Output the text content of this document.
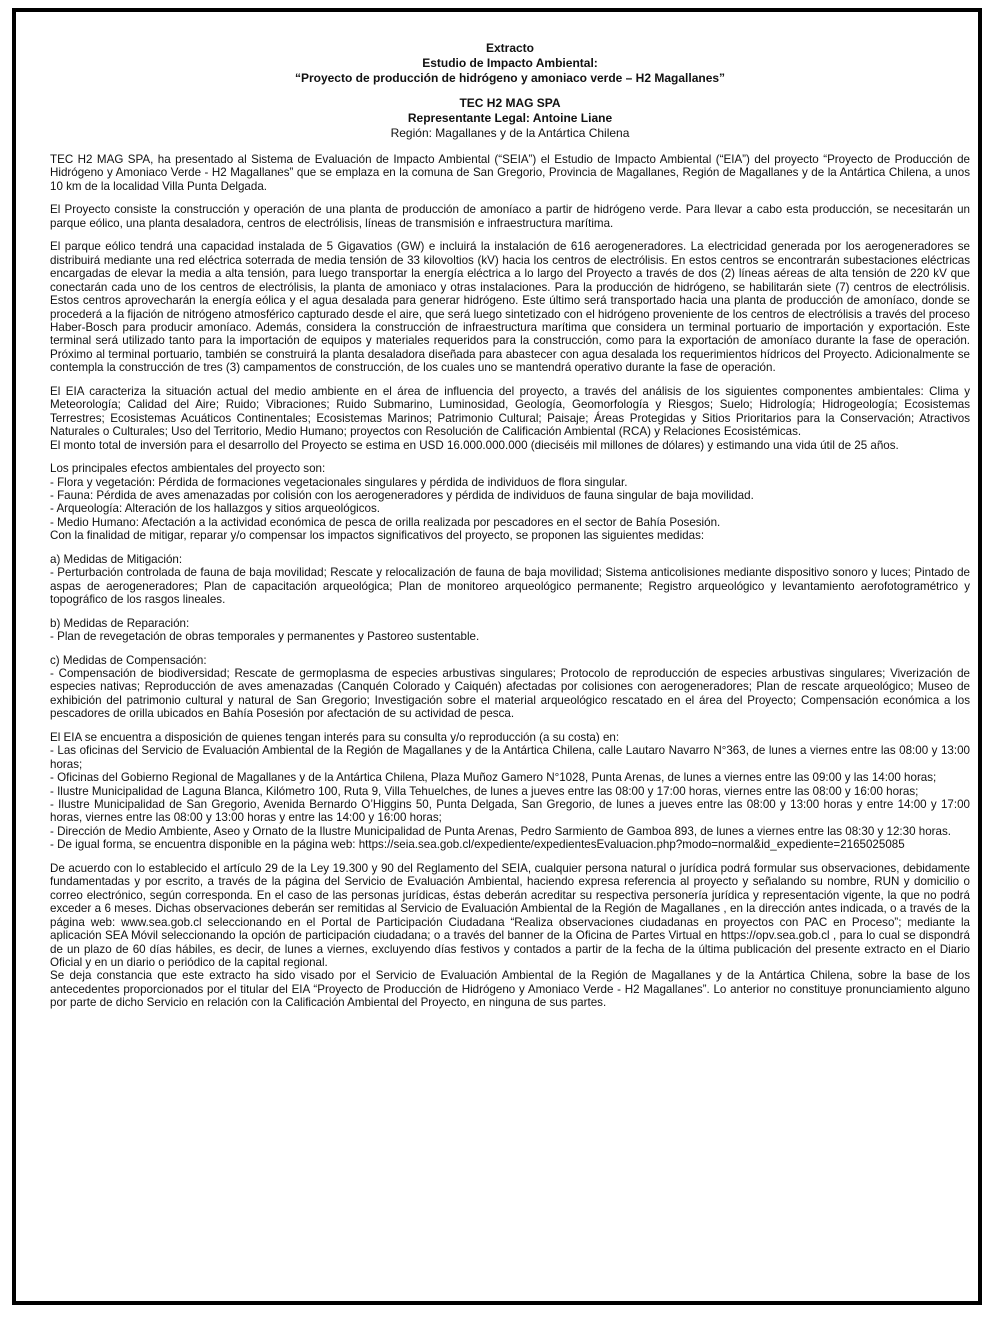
Extracto
Estudio de Impacto Ambiental:
“Proyecto de producción de hidrógeno y amoniaco verde – H2 Magallanes”
TEC H2 MAG SPA
Representante Legal: Antoine Liane
Región: Magallanes y de la Antártica Chilena

TEC H2 MAG SPA, ha presentado al Sistema de Evaluación de Impacto Ambiental (“SEIA”) el Estudio de Impacto Ambiental (“EIA”) del proyecto “Proyecto de Producción de Hidrógeno y Amoniaco Verde - H2 Magallanes” que se emplaza en la comuna de San Gregorio, Provincia de Magallanes, Región de Magallanes y de la Antártica Chilena, a unos 10 km de la localidad Villa Punta Delgada.

El Proyecto consiste la construcción y operación de una planta de producción de amoníaco a partir de hidrógeno verde. Para llevar a cabo esta producción, se necesitarán un parque eólico, una planta desaladora, centros de electrólisis, líneas de transmisión e infraestructura marítima.

El parque eólico tendrá una capacidad instalada de 5 Gigavatios (GW) e incluirá la instalación de 616 aerogeneradores. La electricidad generada por los aerogeneradores se distribuirá mediante una red eléctrica soterrada de media tensión de 33 kilovoltios (kV) hacia los centros de electrólisis. En estos centros se encontrarán subestaciones eléctricas encargadas de elevar la media a alta tensión, para luego transportar la energía eléctrica a lo largo del Proyecto a través de dos (2) líneas aéreas de alta tensión de 220 kV que conectarán cada uno de los centros de electrólisis, la planta de amoniaco y otras instalaciones. Para la producción de hidrógeno, se habilitarán siete (7) centros de electrólisis. Estos centros aprovecharán la energía eólica y el agua desalada para generar hidrógeno. Este último será transportado hacia una planta de producción de amoníaco, donde se procederá a la fijación de nitrógeno atmosférico capturado desde el aire, que será luego sintetizado con el hidrógeno proveniente de los centros de electrólisis a través del proceso Haber-Bosch para producir amoníaco. Además, considera la construcción de infraestructura marítima que considera un terminal portuario de importación y exportación. Este terminal será utilizado tanto para la importación de equipos y materiales requeridos para la construcción, como para la exportación de amoníaco durante la fase de operación. Próximo al terminal portuario, también se construirá la planta desaladora diseñada para abastecer con agua desalada los requerimientos hídricos del Proyecto. Adicionalmente se contempla la construcción de tres (3) campamentos de construcción, de los cuales uno se mantendrá operativo durante la fase de operación.

El EIA caracteriza la situación actual del medio ambiente en el área de influencia del proyecto, a través del análisis de los siguientes componentes ambientales: Clima y Meteorología; Calidad del Aire; Ruido; Vibraciones; Ruido Submarino, Luminosidad, Geología, Geomorfología y Riesgos; Suelo; Hidrología; Hidrogeología; Ecosistemas Terrestres; Ecosistemas Acuáticos Continentales; Ecosistemas Marinos; Patrimonio Cultural; Paisaje; Áreas Protegidas y Sitios Prioritarios para la Conservación; Atractivos Naturales o Culturales; Uso del Territorio, Medio Humano; proyectos con Resolución de Calificación Ambiental (RCA) y Relaciones Ecosistémicas.

El monto total de inversión para el desarrollo del Proyecto se estima en USD 16.000.000.000 (dieciséis mil millones de dólares) y estimando una vida útil de 25 años.

Los principales efectos ambientales del proyecto son:
- Flora y vegetación: Pérdida de formaciones vegetacionales singulares y pérdida de individuos de flora singular.
- Fauna: Pérdida de aves amenazadas por colisión con los aerogeneradores y pérdida de individuos de fauna singular de baja movilidad.
- Arqueología: Alteración de los hallazgos y sitios arqueológicos.
- Medio Humano: Afectación a la actividad económica de pesca de orilla realizada por pescadores en el sector de Bahía Posesión.
Con la finalidad de mitigar, reparar y/o compensar los impactos significativos del proyecto, se proponen las siguientes medidas:
a) Medidas de Mitigación:
- Perturbación controlada de fauna de baja movilidad; Rescate y relocalización de fauna de baja movilidad; Sistema anticolisiones mediante dispositivo sonoro y luces; Pintado de aspas de aerogeneradores; Plan de capacitación arqueológica; Plan de monitoreo arqueológico permanente; Registro arqueológico y levantamiento aerofotogramétrico y topográfico de los rasgos lineales.
b) Medidas de Reparación:
- Plan de revegetación de obras temporales y permanentes y Pastoreo sustentable.
c) Medidas de Compensación:
- Compensación de biodiversidad; Rescate de germoplasma de especies arbustivas singulares; Protocolo de reproducción de especies arbustivas singulares; Viverización de especies nativas; Reproducción de aves amenazadas (Canquén Colorado y Caiquén) afectadas por colisiones con aerogeneradores; Plan de rescate arqueológico; Museo de exhibición del patrimonio cultural y natural de San Gregorio; Investigación sobre el material arqueológico rescatado en el área del Proyecto; Compensación económica a los pescadores de orilla ubicados en Bahía Posesión por afectación de su actividad de pesca.
El EIA se encuentra a disposición de quienes tengan interés para su consulta y/o reproducción (a su costa) en:
- Las oficinas del Servicio de Evaluación Ambiental de la Región de Magallanes y de la Antártica Chilena, calle Lautaro Navarro N°363, de lunes a viernes entre las 08:00 y 13:00 horas;
- Oficinas del Gobierno Regional de Magallanes y de la Antártica Chilena, Plaza Muñoz Gamero N°1028, Punta Arenas, de lunes a viernes entre las 09:00 y las 14:00 horas;
- Ilustre Municipalidad de Laguna Blanca, Kilómetro 100, Ruta 9, Villa Tehuelches, de lunes a jueves entre las 08:00 y 17:00 horas, viernes entre las 08:00 y 16:00 horas;
- Ilustre Municipalidad de San Gregorio, Avenida Bernardo O’Higgins 50, Punta Delgada, San Gregorio, de lunes a jueves entre las 08:00 y 13:00 horas y entre 14:00 y 17:00 horas, viernes entre las 08:00 y 13:00 horas y entre las 14:00 y 16:00 horas;
- Dirección de Medio Ambiente, Aseo y Ornato de la Ilustre Municipalidad de Punta Arenas, Pedro Sarmiento de Gamboa 893, de lunes a viernes entre las 08:30 y 12:30 horas.
- De igual forma, se encuentra disponible en la página web: https://seia.sea.gob.cl/expediente/expedientesEvaluacion.php?modo=normal&id_expediente=2165025085

De acuerdo con lo establecido el artículo 29 de la Ley 19.300 y 90 del Reglamento del SEIA, cualquier persona natural o jurídica podrá formular sus observaciones, debidamente fundamentadas y por escrito, a través de la página del Servicio de Evaluación Ambiental, haciendo expresa referencia al proyecto y señalando su nombre, RUN y domicilio o correo electrónico, según corresponda. En el caso de las personas jurídicas, éstas deberán acreditar su respectiva personería jurídica y representación vigente, la que no podrá exceder a 6 meses. Dichas observaciones deberán ser remitidas al Servicio de Evaluación Ambiental de la Región de Magallanes , en la dirección antes indicada, o a través de la página web: www.sea.gob.cl seleccionando en el Portal de Participación Ciudadana “Realiza observaciones ciudadanas en proyectos con PAC en Proceso”; mediante la aplicación SEA Móvil seleccionando la opción de participación ciudadana; o a través del banner de la Oficina de Partes Virtual en https://opv.sea.gob.cl , para lo cual se dispondrá de un plazo de 60 días hábiles, es decir, de lunes a viernes, excluyendo días festivos y contados a partir de la fecha de la última publicación del presente extracto en el Diario Oficial y en un diario o periódico de la capital regional.

Se deja constancia que este extracto ha sido visado por el Servicio de Evaluación Ambiental de la Región de Magallanes y de la Antártica Chilena, sobre la base de los antecedentes proporcionados por el titular del EIA “Proyecto de Producción de Hidrógeno y Amoniaco Verde - H2 Magallanes”. Lo anterior no constituye pronunciamiento alguno por parte de dicho Servicio en relación con la Calificación Ambiental del Proyecto, en ninguna de sus partes.
